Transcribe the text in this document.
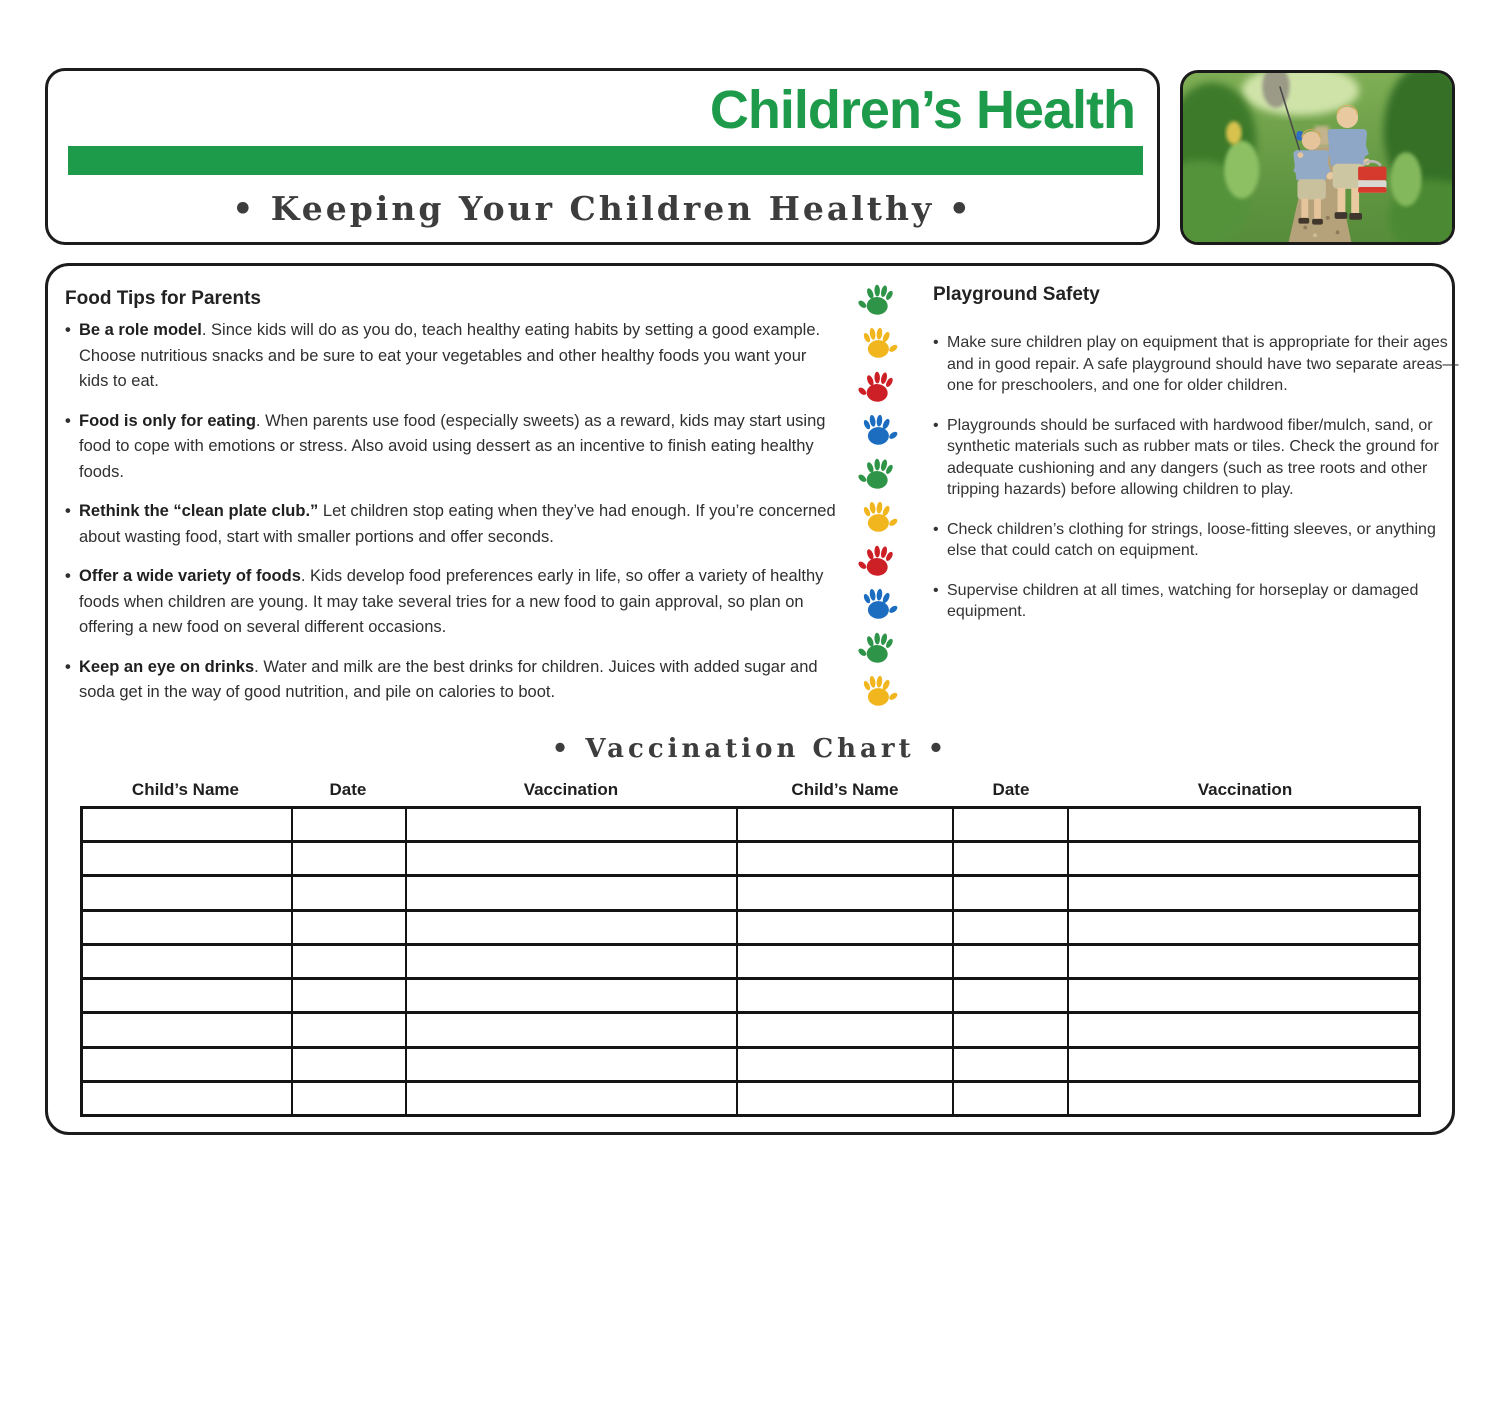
Children’s Health
• Keeping Your Children Healthy •
Food Tips for Parents
• Be a role model. Since kids will do as you do, teach healthy eating habits by setting a good example. Choose nutritious snacks and be sure to eat your vegetables and other healthy foods you want your kids to eat.
• Food is only for eating. When parents use food (especially sweets) as a reward, kids may start using food to cope with emotions or stress. Also avoid using dessert as an incentive to finish eating healthy foods.
• Rethink the “clean plate club.” Let children stop eating when they’ve had enough. If you’re concerned about wasting food, start with smaller portions and offer seconds.
• Offer a wide variety of foods. Kids develop food preferences early in life, so offer a variety of healthy foods when children are young. It may take several tries for a new food to gain approval, so plan on offering a new food on several different occasions.
• Keep an eye on drinks. Water and milk are the best drinks for children. Juices with added sugar and soda get in the way of good nutrition, and pile on calories to boot.
Playground Safety
• Make sure children play on equipment that is appropriate for their ages and in good repair. A safe playground should have two separate areas—one for preschoolers, and one for older children.
• Playgrounds should be surfaced with hardwood fiber/mulch, sand, or synthetic materials such as rubber mats or tiles. Check the ground for adequate cushioning and any dangers (such as tree roots and other tripping hazards) before allowing children to play.
• Check children’s clothing for strings, loose-fitting sleeves, or anything else that could catch on equipment.
• Supervise children at all times, watching for horseplay or damaged equipment.
• Vaccination Chart •
Child’s Name	Date	Vaccination	Child’s Name	Date	Vaccination
